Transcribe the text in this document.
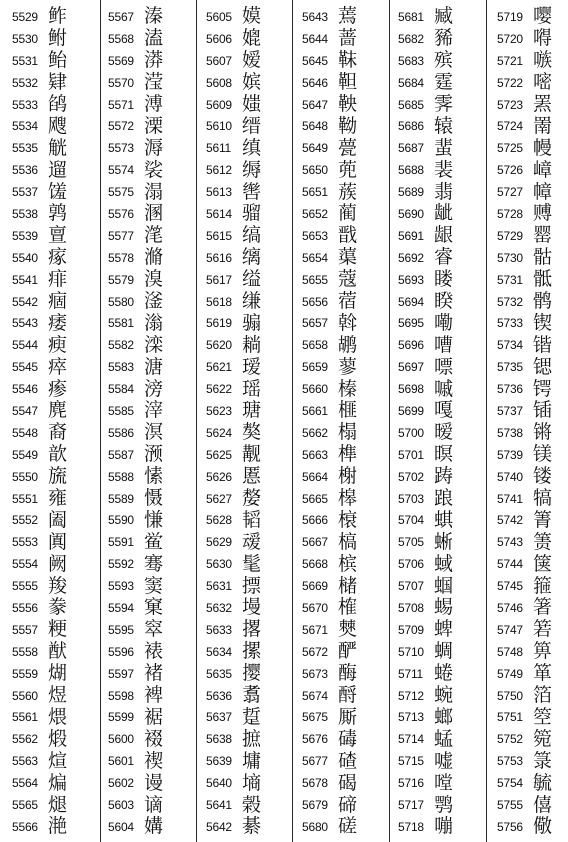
5529 鲊
5530 鲋
5531 鲐
5532 肄
5533 鹐
5534 飕
5535 觥
5536 遛
5537 馐
5538 鹑
5539 亶
5540 瘃
5541 痱
5542 痼
5543 痿
5544 瘐
5545 瘁
5546 瘆
5547 麂
5548 裔
5549 歆
5550 旒
5551 雍
5552 阖
5553 阗
5554 阙
5555 羧
5556 豢
5557 粳
5558 猷
5559 煳
5560 煜
5561 煨
5562 煅
5563 煊
5564 煸
5565 煺
5566 滟
5567 溱
5568 溘
5569 漭
5570 滢
5571 溥
5572 溧
5573 溽
5574 裟
5575 溻
5576 溷
5577 滗
5578 滫
5579 溴
5580 滏
5581 滃
5582 滦
5583 溏
5584 滂
5585 滓
5586 溟
5587 滪
5588 愫
5589 慑
5590 慊
5591 鲎
5592 骞
5593 窦
5594 窠
5595 窣
5596 裱
5597 褚
5598 裨
5599 裾
5600 裰
5601 禊
5602 谩
5603 谪
5604 媾
5605 嫫
5606 媲
5607 嫒
5608 嫔
5609 媸
5610 缙
5611 缜
5612 缛
5613 辔
5614 骝
5615 缟
5616 缡
5617 缢
5618 缣
5619 骟
5620 耥
5621 瑷
5622 瑶
5623 瑭
5624 獒
5625 觏
5626 慝
5627 嫠
5628 韬
5629 叆
5630 髦
5631 摽
5632 墁
5633 撂
5634 摞
5635 撄
5636 翥
5637 踅
5638 摭
5639 墉
5640 墒
5641 榖
5642 綦
5643 蔫
5644 蔷
5645 靺
5646 靼
5647 鞅
5648 靿
5649 甍
5650 蔸
5651 蔟
5652 蔺
5653 戬
5654 蕖
5655 蔻
5656 蓿
5657 斡
5658 鹕
5659 蓼
5660 榛
5661 榧
5662 榻
5663 榫
5664 榭
5665 槔
5666 榱
5667 槁
5668 槟
5669 槠
5670 榷
5671 僰
5672 酽
5673 酶
5674 酹
5675 厮
5676 碡
5677 碴
5678 碣
5679 碲
5680 磋
5681 臧
5682 豨
5683 殡
5684 霆
5685 霁
5686 辕
5687 蜚
5688 裴
5689 翡
5690 龇
5691 龈
5692 睿
5693 䁖
5694 睽
5695 嘞
5696 嘈
5697 嘌
5698 嘁
5699 嘎
5700 暧
5701 暝
5702 踌
5703 踉
5704 蜞
5705 蜥
5706 蜮
5707 蝈
5708 蜴
5709 蜱
5710 蜩
5711 蜷
5712 蜿
5713 螂
5714 蜢
5715 嘘
5716 嘡
5717 鹗
5718 嘣
5719 嘤
5720 嘚
5721 嗾
5722 嘧
5723 罴
5724 罱
5725 幔
5726 嶂
5727 幛
5728 赙
5729 罂
5730 骷
5731 骶
5732 鹘
5733 锲
5734 锴
5735 锶
5736 锷
5737 锸
5738 锵
5739 镁
5740 镂
5741 犒
5742 箐
5743 箦
5744 箧
5745 箍
5746 箸
5747 箬
5748 箅
5749 箪
5750 箔
5751 箜
5752 箢
5753 箓
5754 毓
5755 僖
5756 儆
